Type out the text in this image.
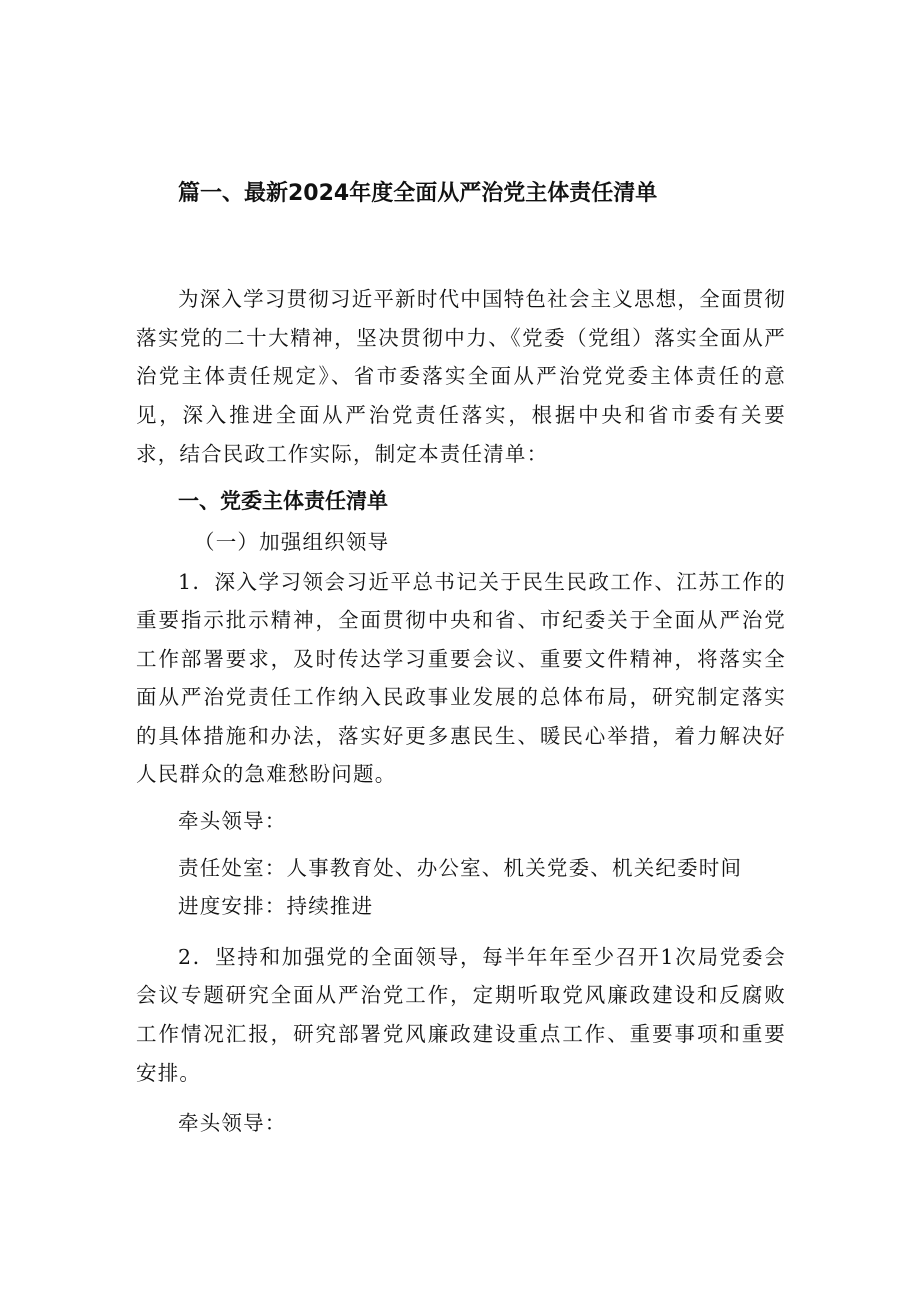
篇一、最新2024年度全面从严治党主体责任清单

为深入学习贯彻习近平新时代中国特色社会主义思想，全面贯彻落实党的二十大精神，坚决贯彻中力、《党委（党组）落实全面从严治党主体责任规定》、省市委落实全面从严治党党委主体责任的意见，深入推进全面从严治党责任落实，根据中央和省市委有关要求，结合民政工作实际，制定本责任清单：

一、党委主体责任清单
（一）加强组织领导

1．深入学习领会习近平总书记关于民生民政工作、江苏工作的重要指示批示精神，全面贯彻中央和省、市纪委关于全面从严治党工作部署要求，及时传达学习重要会议、重要文件精神，将落实全面从严治党责任工作纳入民政事业发展的总体布局，研究制定落实的具体措施和办法，落实好更多惠民生、暖民心举措，着力解决好人民群众的急难愁盼问题。

牵头领导：
责任处室：人事教育处、办公室、机关党委、机关纪委时间
进度安排：持续推进

2．坚持和加强党的全面领导，每半年年至少召开1次局党委会会议专题研究全面从严治党工作，定期听取党风廉政建设和反腐败工作情况汇报，研究部署党风廉政建设重点工作、重要事项和重要安排。

牵头领导：
